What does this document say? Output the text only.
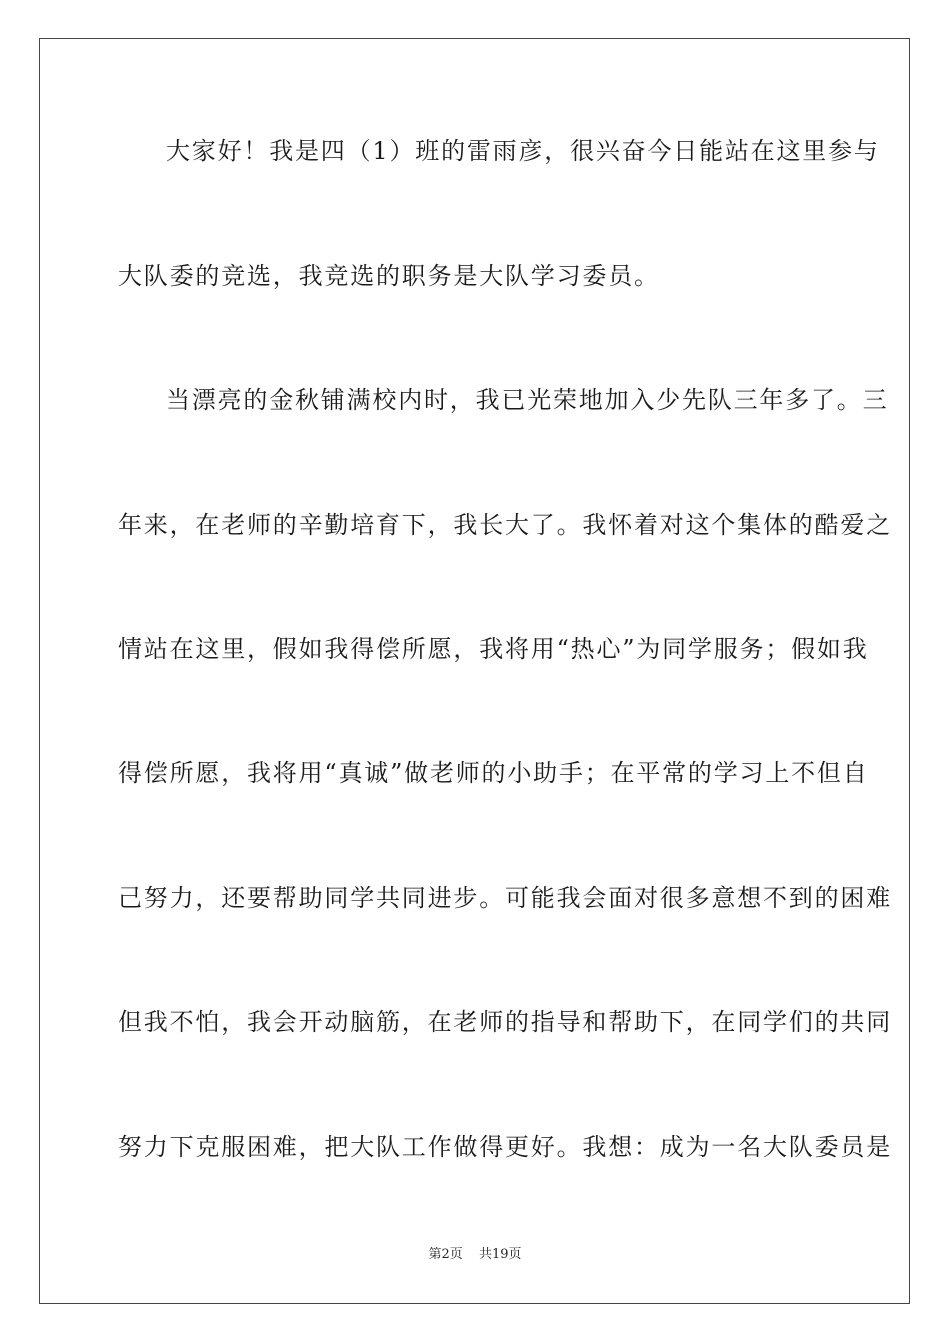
大家好！我是四（1）班的雷雨彦，很兴奋今日能站在这里参与
大队委的竞选，我竞选的职务是大队学习委员。
当漂亮的金秋铺满校内时，我已光荣地加入少先队三年多了。三
年来，在老师的辛勤培育下，我长大了。我怀着对这个集体的酷爱之
情站在这里，假如我得偿所愿，我将用“热心”为同学服务；假如我
得偿所愿，我将用“真诚”做老师的小助手；在平常的学习上不但自
己努力，还要帮助同学共同进步。可能我会面对很多意想不到的困难
但我不怕，我会开动脑筋，在老师的指导和帮助下，在同学们的共同
努力下克服困难，把大队工作做得更好。我想：成为一名大队委员是
第2页 共19页
